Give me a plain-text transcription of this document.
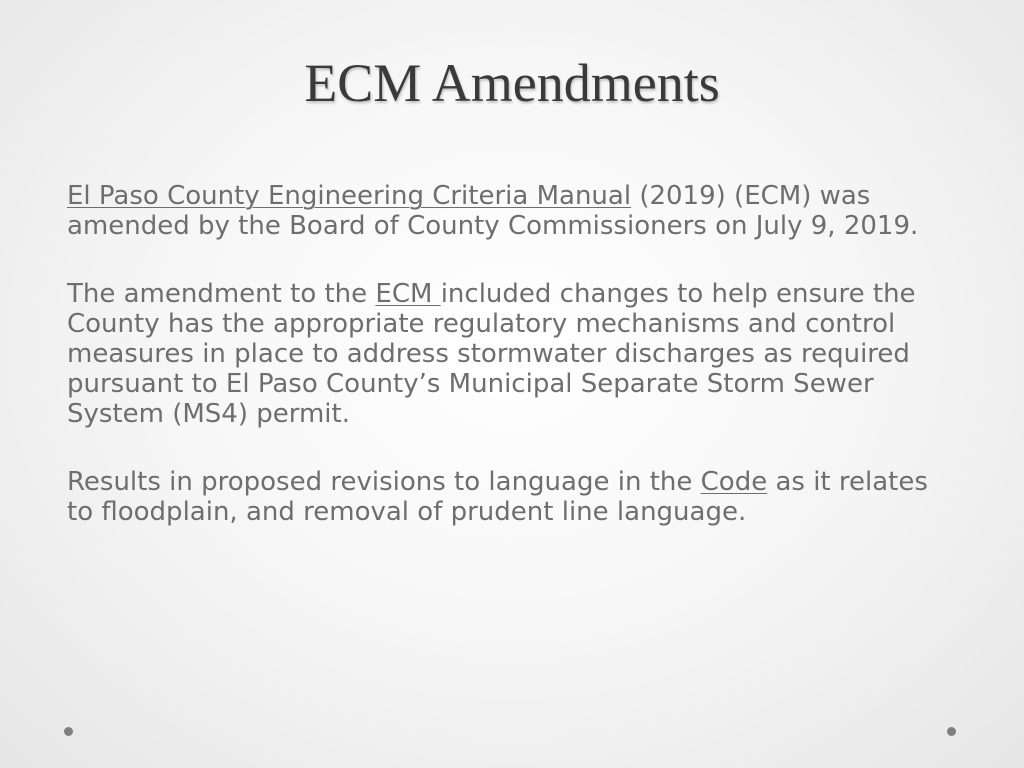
ECM Amendments

El Paso County Engineering Criteria Manual (2019) (ECM) was amended by the Board of County Commissioners on July 9, 2019.

The amendment to the ECM included changes to help ensure the County has the appropriate regulatory mechanisms and control measures in place to address stormwater discharges as required pursuant to El Paso County’s Municipal Separate Storm Sewer System (MS4) permit.

Results in proposed revisions to language in the Code as it relates to floodplain, and removal of prudent line language.
